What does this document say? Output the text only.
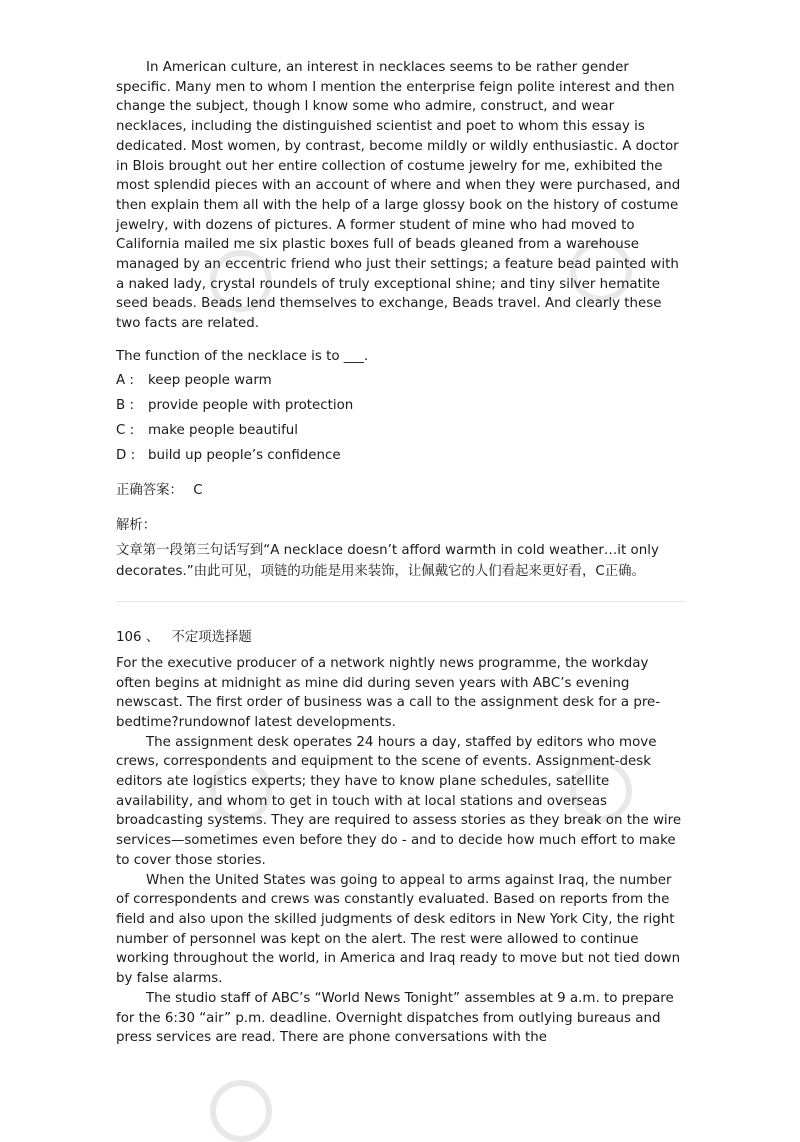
In American culture, an interest in necklaces seems to be rather gender specific. Many men to whom I mention the enterprise feign polite interest and then change the subject, though I know some who admire, construct, and wear necklaces, including the distinguished scientist and poet to whom this essay is dedicated. Most women, by contrast, become mildly or wildly enthusiastic. A doctor in Blois brought out her entire collection of costume jewelry for me, exhibited the most splendid pieces with an account of where and when they were purchased, and then explain them all with the help of a large glossy book on the history of costume jewelry, with dozens of pictures. A former student of mine who had moved to California mailed me six plastic boxes full of beads gleaned from a warehouse managed by an eccentric friend who just their settings; a feature bead painted with a naked lady, crystal roundels of truly exceptional shine; and tiny silver hematite seed beads. Beads lend themselves to exchange, Beads travel. And clearly these two facts are related.

The function of the necklace is to ___.
A : keep people warm
B : provide people with protection
C : make people beautiful
D : build up people’s confidence
正确答案： C
解析：

文章第一段第三句话写到“A necklace doesn’t afford warmth in cold weather…it only decorates.”由此可见，项链的功能是用来装饰，让佩戴它的人们看起来更好看，C正确。

106 、 不定项选择题

For the executive producer of a network nightly news programme, the workday often begins at midnight as mine did during seven years with ABC’s evening newscast. The first order of business was a call to the assignment desk for a pre-bedtime?rundownof latest developments.

The assignment desk operates 24 hours a day, staffed by editors who move crews, correspondents and equipment to the scene of events. Assignment-desk editors ate logistics experts; they have to know plane schedules, satellite availability, and whom to get in touch with at local stations and overseas broadcasting systems. They are required to assess stories as they break on the wire services—sometimes even before they do - and to decide how much effort to make to cover those stories.

When the United States was going to appeal to arms against Iraq, the number of correspondents and crews was constantly evaluated. Based on reports from the field and also upon the skilled judgments of desk editors in New York City, the right number of personnel was kept on the alert. The rest were allowed to continue working throughout the world, in America and Iraq ready to move but not tied down by false alarms.

The studio staff of ABC’s “World News Tonight” assembles at 9 a.m. to prepare for the 6:30 “air” p.m. deadline. Overnight dispatches from outlying bureaus and press services are read. There are phone conversations with the
